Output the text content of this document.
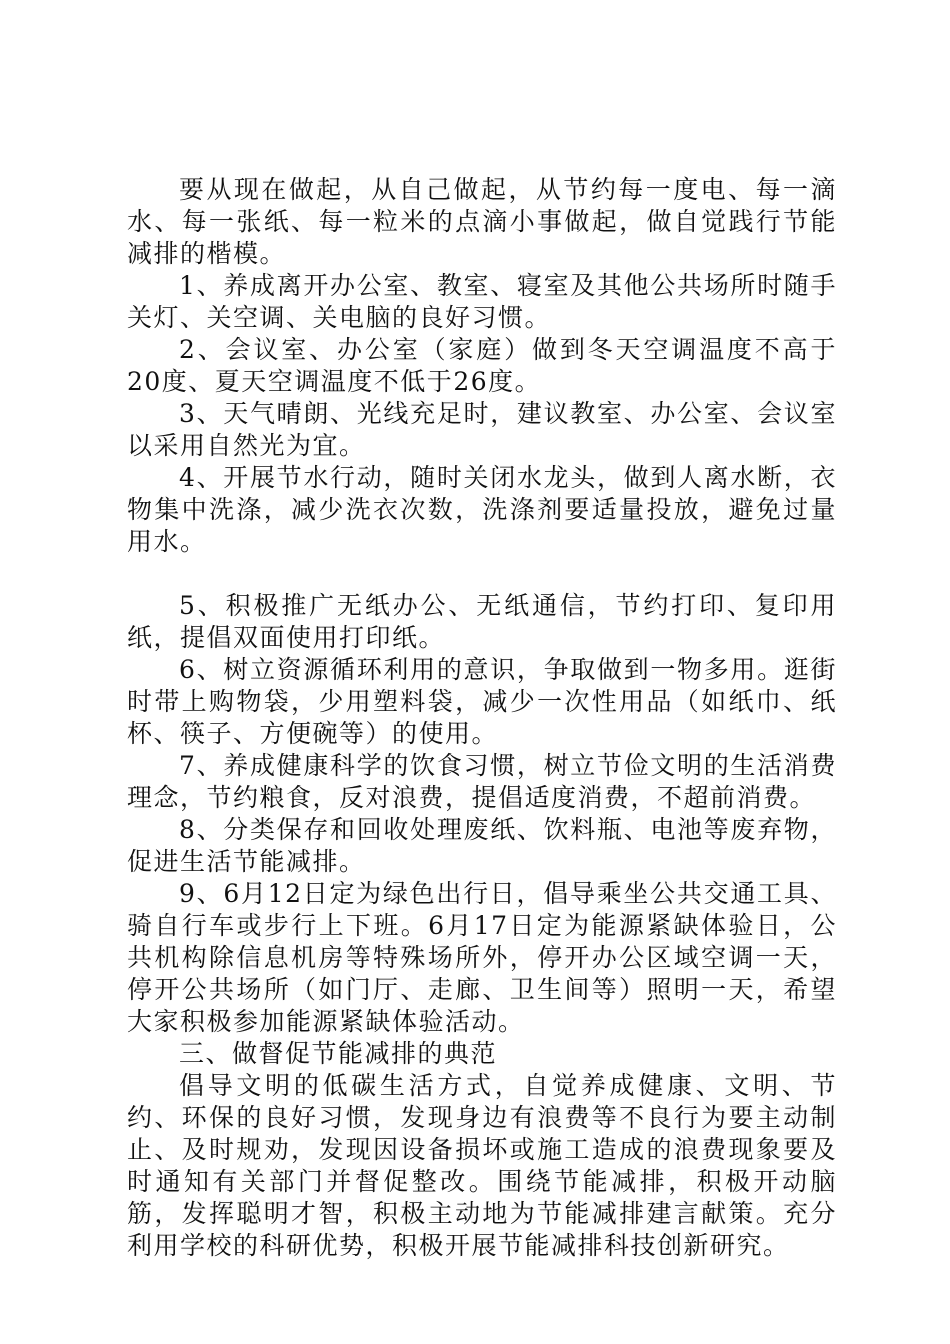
要从现在做起，从自己做起，从节约每一度电、每一滴水、每一张纸、每一粒米的点滴小事做起，做自觉践行节能减排的楷模。

1、养成离开办公室、教室、寝室及其他公共场所时随手关灯、关空调、关电脑的良好习惯。

2、会议室、办公室（家庭）做到冬天空调温度不高于20度、夏天空调温度不低于26度。

3、天气晴朗、光线充足时，建议教室、办公室、会议室以采用自然光为宜。

4、开展节水行动，随时关闭水龙头，做到人离水断，衣物集中洗涤，减少洗衣次数，洗涤剂要适量投放，避免过量用水。

5、积极推广无纸办公、无纸通信，节约打印、复印用纸，提倡双面使用打印纸。

6、树立资源循环利用的意识，争取做到一物多用。逛街时带上购物袋，少用塑料袋，减少一次性用品（如纸巾、纸杯、筷子、方便碗等）的使用。

7、养成健康科学的饮食习惯，树立节俭文明的生活消费理念，节约粮食，反对浪费，提倡适度消费，不超前消费。

8、分类保存和回收处理废纸、饮料瓶、电池等废弃物，促进生活节能减排。

9、6月12日定为绿色出行日，倡导乘坐公共交通工具、骑自行车或步行上下班。6月17日定为能源紧缺体验日，公共机构除信息机房等特殊场所外，停开办公区域空调一天，停开公共场所（如门厅、走廊、卫生间等）照明一天，希望大家积极参加能源紧缺体验活动。

三、做督促节能减排的典范

倡导文明的低碳生活方式，自觉养成健康、文明、节约、环保的良好习惯，发现身边有浪费等不良行为要主动制止、及时规劝，发现因设备损坏或施工造成的浪费现象要及时通知有关部门并督促整改。围绕节能减排，积极开动脑筋，发挥聪明才智，积极主动地为节能减排建言献策。充分利用学校的科研优势，积极开展节能减排科技创新研究。
